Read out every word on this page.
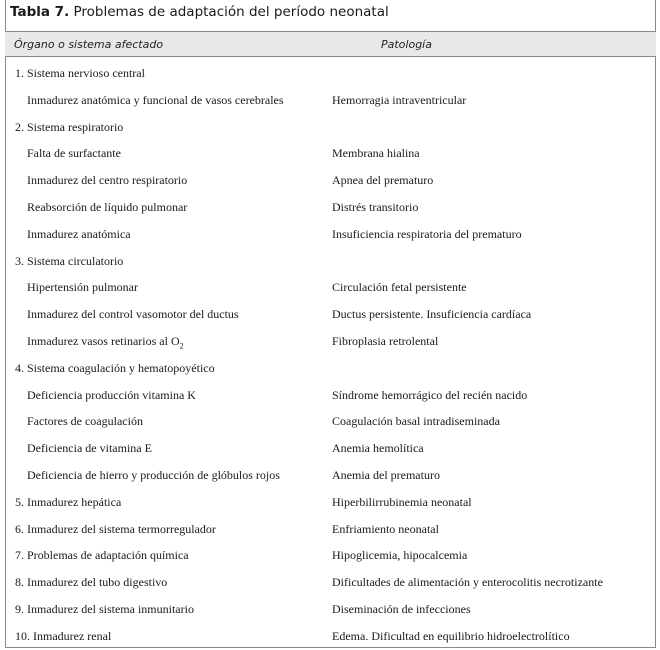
Tabla 7. Problemas de adaptación del período neonatal
Órgano o sistema afectado	Patología
1. Sistema nervioso central
Inmadurez anatómica y funcional de vasos cerebrales	Hemorragia intraventricular
2. Sistema respiratorio
Falta de surfactante	Membrana hialina
Inmadurez del centro respiratorio	Apnea del prematuro
Reabsorción de líquido pulmonar	Distrés transitorio
Inmadurez anatómica	Insuficiencia respiratoria del prematuro
3. Sistema circulatorio
Hipertensión pulmonar	Circulación fetal persistente
Inmadurez del control vasomotor del ductus	Ductus persistente. Insuficiencia cardíaca
Inmadurez vasos retinarios al $O_2$	Fibroplasia retrolental
4. Sistema coagulación y hematopoyético
Deficiencia producción vitamina K	Síndrome hemorrágico del recién nacido
Factores de coagulación	Coagulación basal intradiseminada
Deficiencia de vitamina E	Anemia hemolítica
Deficiencia de hierro y producción de glóbulos rojos	Anemia del prematuro
5. Inmadurez hepática	Hiperbilirrubinemia neonatal
6. Inmadurez del sistema termorregulador	Enfriamiento neonatal
7. Problemas de adaptación química	Hipoglicemia, hipocalcemia
8. Inmadurez del tubo digestivo	Dificultades de alimentación y enterocolitis necrotizante
9. Inmadurez del sistema inmunitario	Diseminación de infecciones
10. Inmadurez renal	Edema. Dificultad en equilibrio hidroelectrolítico
